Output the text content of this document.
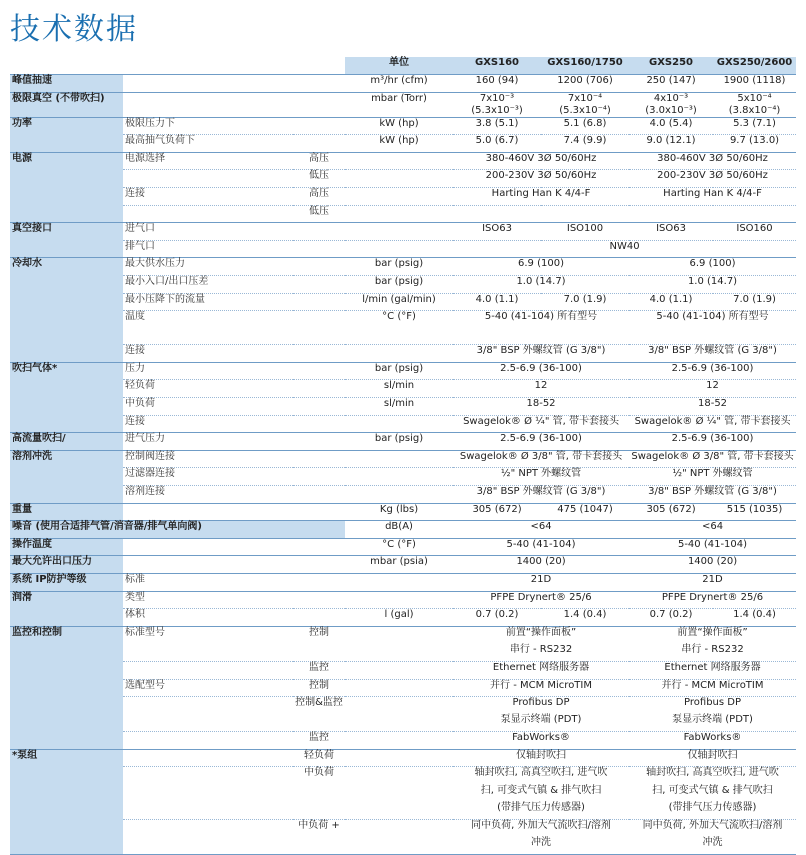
技术数据
			单位	GXS160	GXS160/1750	GXS250	GXS250/2600
峰值抽速			m³/hr (cfm)	160 (94)	1200 (706)	250 (147)	1900 (1118)
极限真空 (不带吹扫)			mbar (Torr)	7x10⁻³ (5.3x10⁻³)	7x10⁻⁴ (5.3x10⁻⁴)	4x10⁻³ (3.0x10⁻³)	5x10⁻⁴ (3.8x10⁻⁴)
功率	极限压力下		kW (hp)	3.8 (5.1)	5.1 (6.8)	4.0 (5.4)	5.3 (7.1)
	最高抽气负荷下		kW (hp)	5.0 (6.7)	7.4 (9.9)	9.0 (12.1)	9.7 (13.0)
电源	电源选择	高压		380-460V 3Ø 50/60Hz		380-460V 3Ø 50/60Hz	
		低压		200-230V 3Ø 50/60Hz		200-230V 3Ø 50/60Hz	
	连接	高压		Harting Han K 4/4-F		Harting Han K 4/4-F	
		低压					
真空接口	进气口			ISO63	ISO100	ISO63	ISO160
	排气口			NW40			
冷却水	最大供水压力		bar (psig)	6.9 (100)		6.9 (100)	
	最小入口/出口压差		bar (psig)	1.0 (14.7)		1.0 (14.7)	
	最小压降下的流量		l/min (gal/min)	4.0 (1.1)	7.0 (1.9)	4.0 (1.1)	7.0 (1.9)
	温度		°C (°F)	5-40 (41-104) 所有型号		5-40 (41-104) 所有型号	
	连接			3/8" BSP 外螺纹管 (G 3/8")		3/8" BSP 外螺纹管 (G 3/8")	
吹扫气体*	压力		bar (psig)	2.5-6.9 (36-100)		2.5-6.9 (36-100)	
	轻负荷		sl/min	12		12	
	中负荷		sl/min	18-52		18-52	
	连接			Swagelok® Ø ¼" 管, 带卡套接头		Swagelok® Ø ¼" 管, 带卡套接头	
高流量吹扫/	进气压力		bar (psig)	2.5-6.9 (36-100)		2.5-6.9 (36-100)	
溶剂冲洗	控制阀连接			Swagelok® Ø 3/8" 管, 带卡套接头		Swagelok® Ø 3/8" 管, 带卡套接头	
	过滤器连接			½" NPT 外螺纹管		½" NPT 外螺纹管	
	溶剂连接			3/8" BSP 外螺纹管 (G 3/8")		3/8" BSP 外螺纹管 (G 3/8")	
重量			Kg (lbs)	305 (672)	475 (1047)	305 (672)	515 (1035)
噪音 (使用合适排气管/消音器/排气单向阀)			dB(A)	<64		<64	
操作温度			°C (°F)	5-40 (41-104)		5-40 (41-104)	
最大允许出口压力			mbar (psia)	1400 (20)		1400 (20)	
系统 IP防护等级	标准			21D		21D	
润滑	类型			PFPE Drynert® 25/6		PFPE Drynert® 25/6	
	体积		l (gal)	0.7 (0.2)	1.4 (0.4)	0.7 (0.2)	1.4 (0.4)
监控和控制	标准型号	控制		前置“操作面板”		前置“操作面板”	
				串行 - RS232		串行 - RS232	
		监控		Ethernet 网络服务器		Ethernet 网络服务器	
	选配型号	控制		并行 - MCM MicroTIM		并行 - MCM MicroTIM	
		控制&监控		Profibus DP		Profibus DP	
				泵显示终端 (PDT)		泵显示终端 (PDT)	
		监控		FabWorks®		FabWorks®	
*泵组		轻负荷		仅轴封吹扫		仅轴封吹扫	
		中负荷		轴封吹扫, 高真空吹扫, 进气吹		轴封吹扫, 高真空吹扫, 进气吹	
				扫, 可变式气镇 & 排气吹扫		扫, 可变式气镇 & 排气吹扫	
				(带排气压力传感器)		(带排气压力传感器)	
		中负荷 +		同中负荷, 外加大气流吹扫/溶剂		同中负荷, 外加大气流吹扫/溶剂	
				冲洗		冲洗	
